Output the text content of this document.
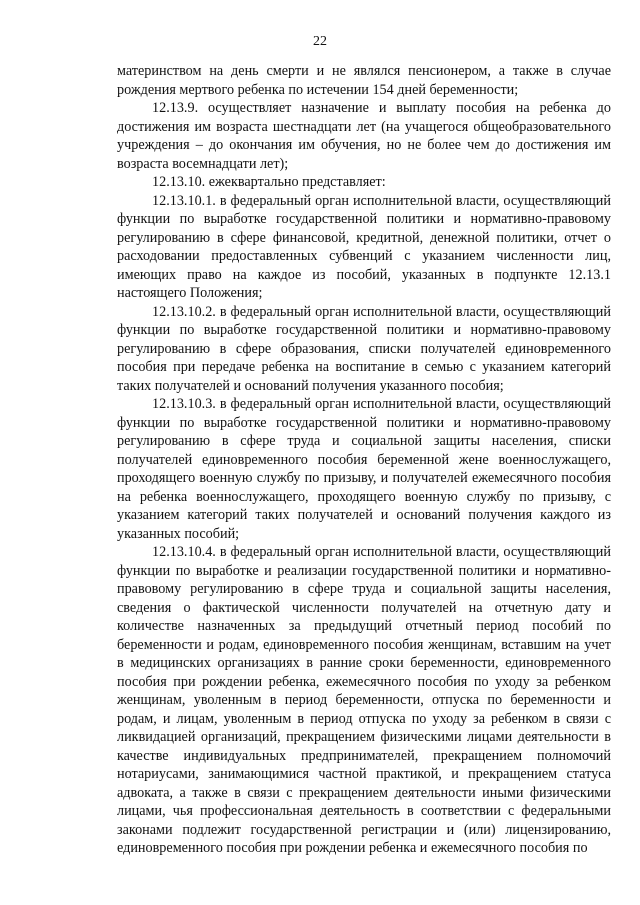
22

материнством на день смерти и не являлся пенсионером, а также в случае рождения мертвого ребенка по истечении 154 дней беременности;

12.13.9. осуществляет назначение и выплату пособия на ребенка до достижения им возраста шестнадцати лет (на учащегося общеобразовательного учреждения – до окончания им обучения, но не более чем до достижения им возраста восемнадцати лет);

12.13.10. ежеквартально представляет:

12.13.10.1. в федеральный орган исполнительной власти, осуществляющий функции по выработке государственной политики и нормативно-правовому регулированию в сфере финансовой, кредитной, денежной политики, отчет о расходовании предоставленных субвенций с указанием численности лиц, имеющих право на каждое из пособий, указанных в подпункте 12.13.1 настоящего Положения;

12.13.10.2. в федеральный орган исполнительной власти, осуществляющий функции по выработке государственной политики и нормативно-правовому регулированию в сфере образования, списки получателей единовременного пособия при передаче ребенка на воспитание в семью с указанием категорий таких получателей и оснований получения указанного пособия;

12.13.10.3. в федеральный орган исполнительной власти, осуществляющий функции по выработке государственной политики и нормативно-правовому регулированию в сфере труда и социальной защиты населения, списки получателей единовременного пособия беременной жене военнослужащего, проходящего военную службу по призыву, и получателей ежемесячного пособия на ребенка военнослужащего, проходящего военную службу по призыву, с указанием категорий таких получателей и оснований получения каждого из указанных пособий;

12.13.10.4. в федеральный орган исполнительной власти, осуществляющий функции по выработке и реализации государственной политики и нормативно-правовому регулированию в сфере труда и социальной защиты населения, сведения о фактической численности получателей на отчетную дату и количестве назначенных за предыдущий отчетный период пособий по беременности и родам, единовременного пособия женщинам, вставшим на учет в медицинских организациях в ранние сроки беременности, единовременного пособия при рождении ребенка, ежемесячного пособия по уходу за ребенком женщинам, уволенным в период беременности, отпуска по беременности и родам, и лицам, уволенным в период отпуска по уходу за ребенком в связи с ликвидацией организаций, прекращением физическими лицами деятельности в качестве индивидуальных предпринимателей, прекращением полномочий нотариусами, занимающимися частной практикой, и прекращением статуса адвоката, а также в связи с прекращением деятельности иными физическими лицами, чья профессиональная деятельность в соответствии с федеральными законами подлежит государственной регистрации и (или) лицензированию, единовременного пособия при рождении ребенка и ежемесячного пособия по
